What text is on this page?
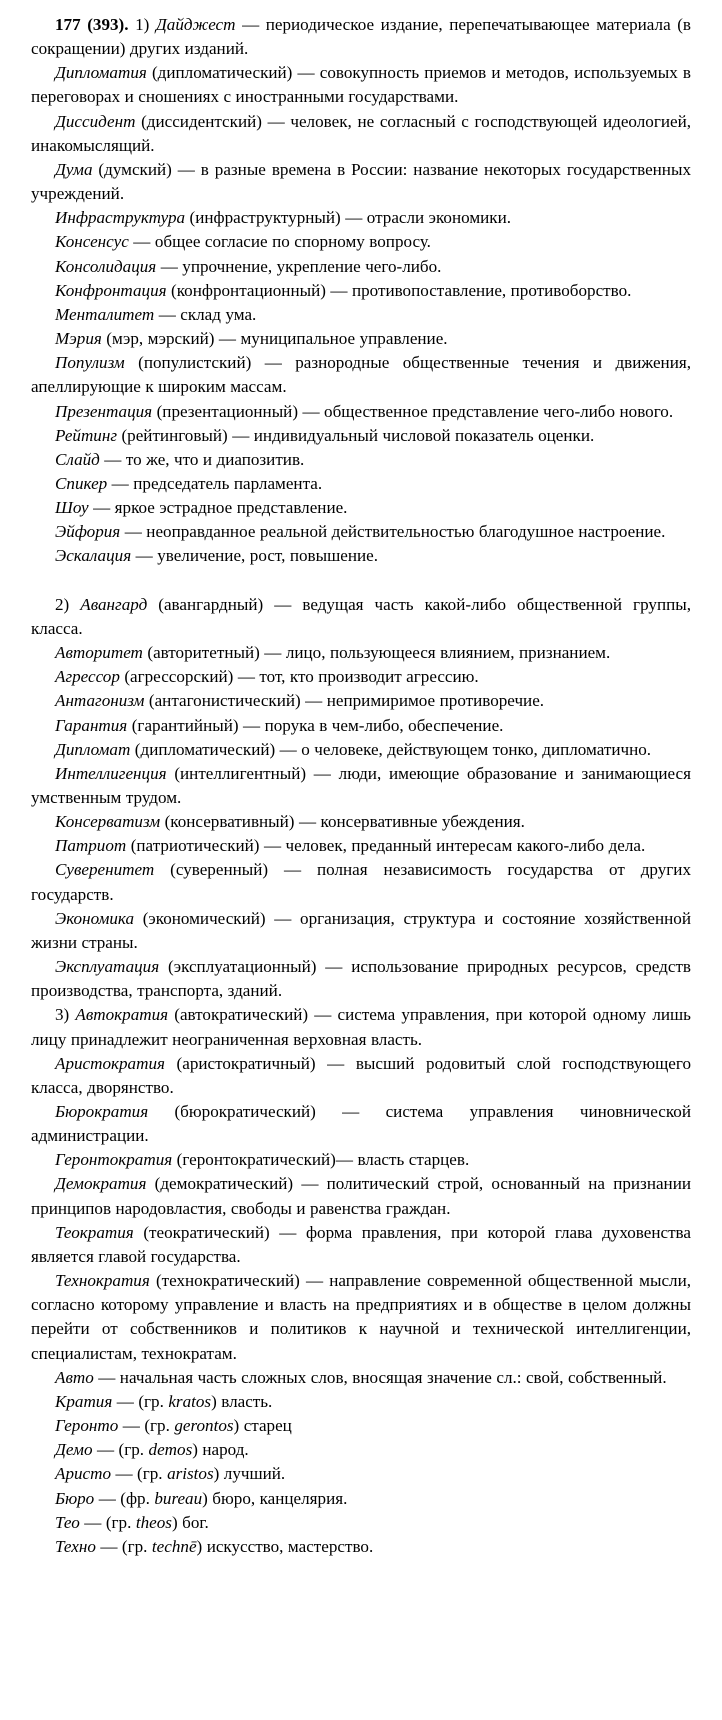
177 (393). 1) Дайджест — периодическое издание, перепечатывающее материала (в сокращении) других изданий.

Дипломатия (дипломатический) — совокупность приемов и методов, используемых в переговорах и сношениях с иностранными государствами.

Диссидент (диссидентский) — человек, не согласный с господствующей идеологией, инакомыслящий.

Дума (думский) — в разные времена в России: название некоторых государственных учреждений.

Инфраструктура (инфраструктурный) — отрасли экономики.

Консенсус — общее согласие по спорному вопросу.

Консолидация — упрочнение, укрепление чего-либо.

Конфронтация (конфронтационный) — противопоставление, противоборство.

Менталитет — склад ума.

Мэрия (мэр, мэрский) — муниципальное управление.

Популизм (популистский) — разнородные общественные течения и движения, апеллирующие к широким массам.

Презентация (презентационный) — общественное представление чего-либо нового.

Рейтинг (рейтинговый) — индивидуальный числовой показатель оценки.

Слайд — то же, что и диапозитив.

Спикер — председатель парламента.

Шоу — яркое эстрадное представление.

Эйфория — неоправданное реальной действительностью благодушное настроение.

Эскалация — увеличение, рост, повышение.

2) Авангард (авангардный) — ведущая часть какой-либо общественной группы, класса.

Авторитет (авторитетный) — лицо, пользующееся влиянием, признанием.

Агрессор (агрессорский) — тот, кто производит агрессию.

Антагонизм (антагонистический) — непримиримое противоречие.

Гарантия (гарантийный) — порука в чем-либо, обеспечение.

Дипломат (дипломатический) — о человеке, действующем тонко, дипломатично.

Интеллигенция (интеллигентный) — люди, имеющие образование и занимающиеся умственным трудом.

Консерватизм (консервативный) — консервативные убеждения.

Патриот (патриотический) — человек, преданный интересам какого-либо дела.

Суверенитет (суверенный) — полная независимость государства от других государств.

Экономика (экономический) — организация, структура и состояние хозяйственной жизни страны.

Эксплуатация (эксплуатационный) — использование природных ресурсов, средств производства, транспорта, зданий.

3) Автократия (автократический) — система управления, при которой одному лишь лицу принадлежит неограниченная верховная власть.

Аристократия (аристократичный) — высший родовитый слой господствующего класса, дворянство.

Бюрократия (бюрократический) — система управления чиновнической администрации.

Геронтократия (геронтократический)— власть старцев.

Демократия (демократический) — политический строй, основанный на признании принципов народовластия, свободы и равенства граждан.

Теократия (теократический) — форма правления, при которой глава духовенства является главой государства.

Технократия (технократический) — направление современной общественной мысли, согласно которому управление и власть на предприятиях и в обществе в целом должны перейти от собственников и политиков к научной и технической интеллигенции, специалистам, технократам.

Авто — начальная часть сложных слов, вносящая значение сл.: свой, собственный.

Кратия — (гр. kratos) власть.

Геронто — (гр. gerontos) старец

Демо — (гр. demos) народ.

Аристо — (гр. aristos) лучший.

Бюро — (фр. bureau) бюро, канцелярия.

Тео — (гр. theos) бог.

Техно — (гр. technē) искусство, мастерство.
